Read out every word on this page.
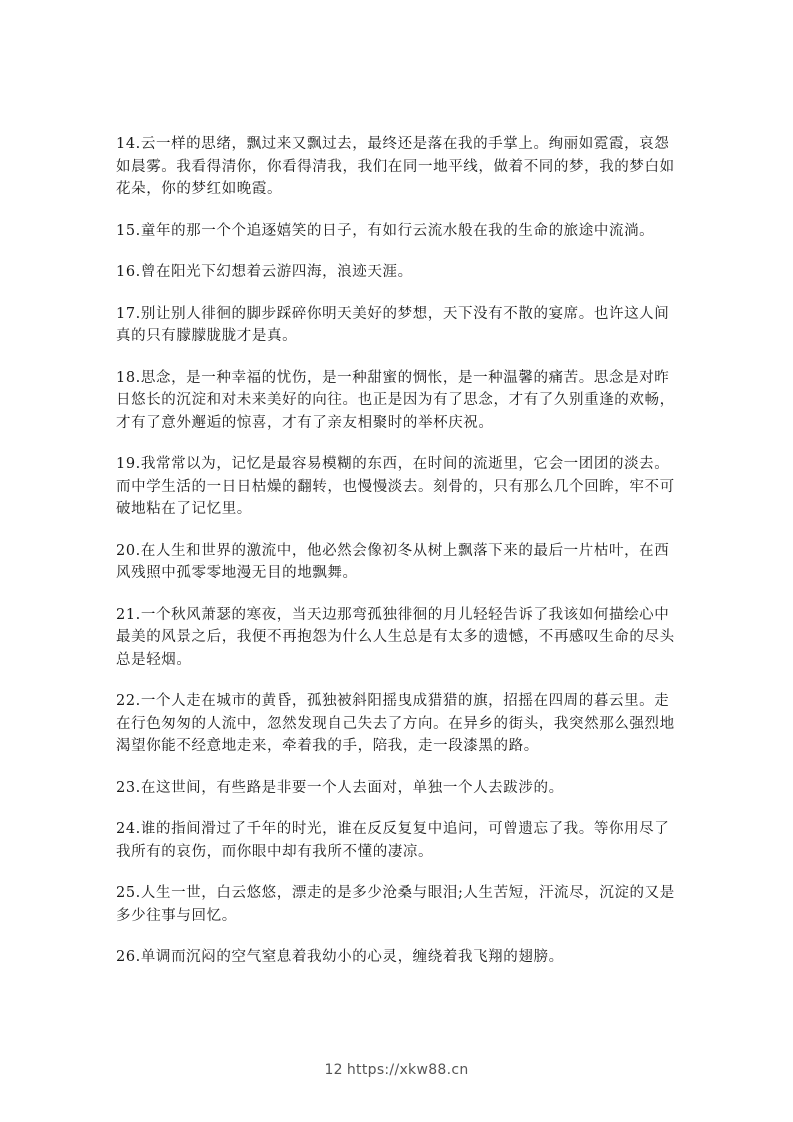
14.云一样的思绪，飘过来又飘过去，最终还是落在我的手掌上。绚丽如霓霞，哀怨如晨雾。我看得清你，你看得清我，我们在同一地平线，做着不同的梦，我的梦白如花朵，你的梦红如晚霞。

15.童年的那一个个追逐嬉笑的日子，有如行云流水般在我的生命的旅途中流淌。

16.曾在阳光下幻想着云游四海，浪迹天涯。

17.别让别人徘徊的脚步踩碎你明天美好的梦想，天下没有不散的宴席。也许这人间真的只有朦朦胧胧才是真。

18.思念，是一种幸福的忧伤，是一种甜蜜的惆怅，是一种温馨的痛苦。思念是对昨日悠长的沉淀和对未来美好的向往。也正是因为有了思念，才有了久别重逢的欢畅，才有了意外邂逅的惊喜，才有了亲友相聚时的举杯庆祝。

19.我常常以为，记忆是最容易模糊的东西，在时间的流逝里，它会一团团的淡去。而中学生活的一日日枯燥的翻转，也慢慢淡去。刻骨的，只有那么几个回眸，牢不可破地粘在了记忆里。

20.在人生和世界的激流中，他必然会像初冬从树上飘落下来的最后一片枯叶，在西风残照中孤零零地漫无目的地飘舞。

21.一个秋风萧瑟的寒夜，当天边那弯孤独徘徊的月儿轻轻告诉了我该如何描绘心中最美的风景之后，我便不再抱怨为什么人生总是有太多的遗憾，不再感叹生命的尽头总是轻烟。

22.一个人走在城市的黄昏，孤独被斜阳摇曳成猎猎的旗，招摇在四周的暮云里。走在行色匆匆的人流中，忽然发现自己失去了方向。在异乡的街头，我突然那么强烈地渴望你能不经意地走来，牵着我的手，陪我，走一段漆黑的路。

23.在这世间，有些路是非要一个人去面对，单独一个人去跋涉的。

24.谁的指间滑过了千年的时光，谁在反反复复中追问，可曾遗忘了我。等你用尽了我所有的哀伤，而你眼中却有我所不懂的凄凉。

25.人生一世，白云悠悠，漂走的是多少沧桑与眼泪;人生苦短，汗流尽，沉淀的又是多少往事与回忆。

26.单调而沉闷的空气窒息着我幼小的心灵，缠绕着我飞翔的翅膀。

12 https://xkw88.cn
